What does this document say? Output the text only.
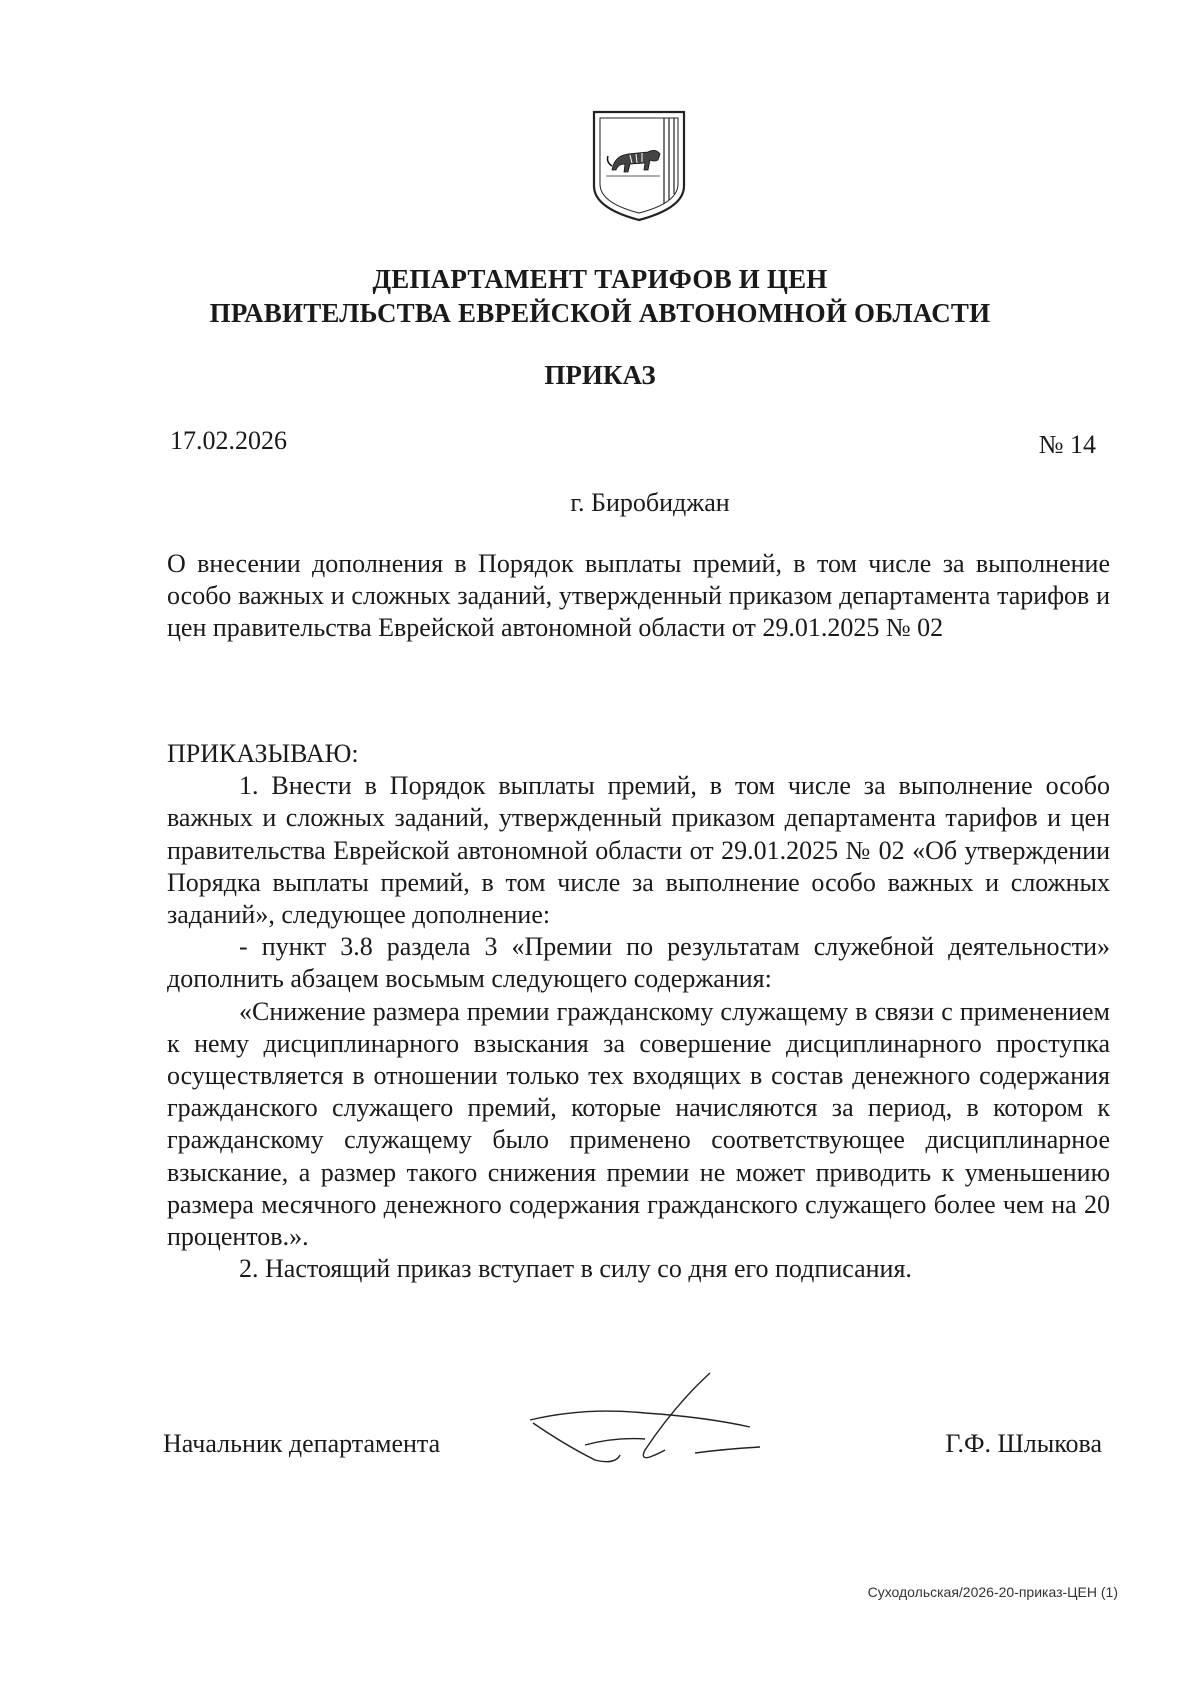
ДЕПАРТАМЕНТ ТАРИФОВ И ЦЕН
ПРАВИТЕЛЬСТВА ЕВРЕЙСКОЙ АВТОНОМНОЙ ОБЛАСТИ
ПРИКАЗ
17.02.2026	№ 14
г. Биробиджан
О внесении дополнения в Порядок выплаты премий, в том числе за выполнение особо важных и сложных заданий, утвержденный приказом департамента тарифов и цен правительства Еврейской автономной области от 29.01.2025 № 02

ПРИКАЗЫВАЮ:

1. Внести в Порядок выплаты премий, в том числе за выполнение особо важных и сложных заданий, утвержденный приказом департамента тарифов и цен правительства Еврейской автономной области от 29.01.2025 № 02 «Об утверждении Порядка выплаты премий, в том числе за выполнение особо важных и сложных заданий», следующее дополнение:

- пункт 3.8 раздела 3 «Премии по результатам служебной деятельности» дополнить абзацем восьмым следующего содержания:

«Снижение размера премии гражданскому служащему в связи с применением к нему дисциплинарного взыскания за совершение дисциплинарного проступка осуществляется в отношении только тех входящих в состав денежного содержания гражданского служащего премий, которые начисляются за период, в котором к гражданскому служащему было применено соответствующее дисциплинарное взыскание, а размер такого снижения премии не может приводить к уменьшению размера месячного денежного содержания гражданского служащего более чем на 20 процентов.».

2. Настоящий приказ вступает в силу со дня его подписания.

Начальник департамента	Г.Ф. Шлыкова
Суходольская/2026-20-приказ-ЦЕН (1)
